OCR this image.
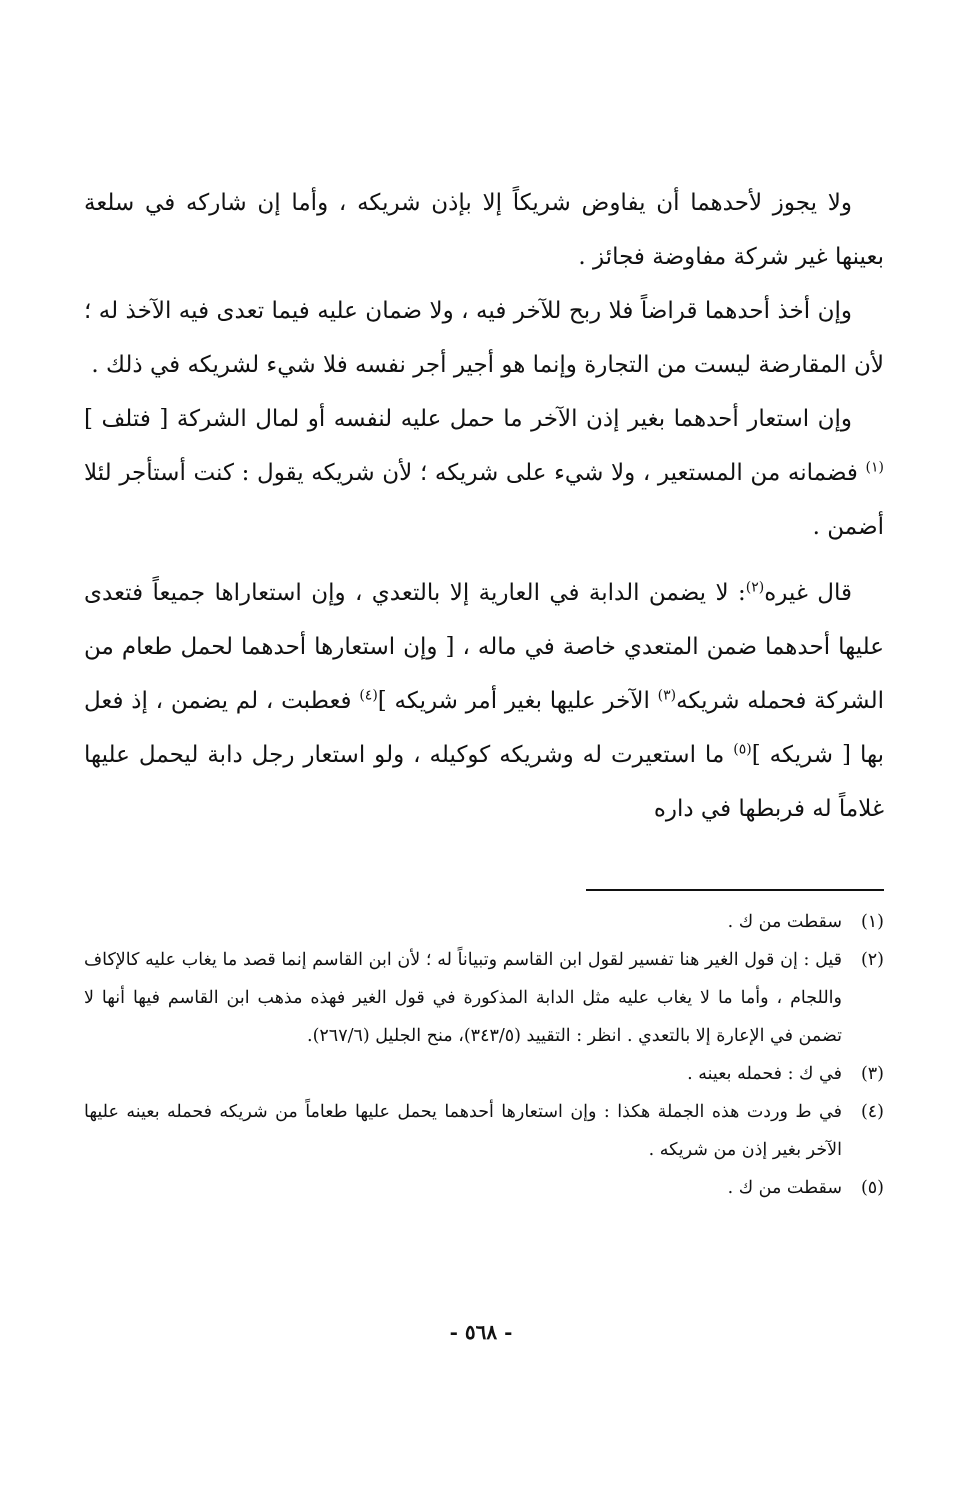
ولا يجوز لأحدهما أن يفاوض شريكاً إلا بإذن شريكه ، وأما إن شاركه في سلعة بعينها غير شركة مفاوضة فجائز .

وإن أخذ أحدهما قراضاً فلا ربح للآخر فيه ، ولا ضمان عليه فيما تعدى فيه الآخذ له ؛ لأن المقارضة ليست من التجارة وإنما هو أجير أجر نفسه فلا شيء لشريكه في ذلك .

وإن استعار أحدهما بغير إذن الآخر ما حمل عليه لنفسه أو لمال الشركة [ فتلف ]$^{(١)}$ فضمانه من المستعير ، ولا شيء على شريكه ؛ لأن شريكه يقول : كنت أستأجر لئلا أضمن .

قال غيره$^{(٢)}$: لا يضمن الدابة في العارية إلا بالتعدي ، وإن استعاراها جميعاً فتعدى عليها أحدهما ضمن المتعدي خاصة في ماله ، [ وإن استعارها أحدهما لحمل طعام من الشركة فحمله شريكه$^{(٣)}$ الآخر عليها بغير أمر شريكه ]$^{(٤)}$ فعطبت ، لم يضمن ، إذ فعل بها [ شريكه ]$^{(٥)}$ ما استعيرت له وشريكه كوكيله ، ولو استعار رجل دابة ليحمل عليها غلاماً له فربطها في داره

(١)
سقطت من ك .
(٢)
قيل : إن قول الغير هنا تفسير لقول ابن القاسم وتبياناً له ؛ لأن ابن القاسم إنما قصد ما يغاب عليه كالإكاف واللجام ، وأما ما لا يغاب عليه مثل الدابة المذكورة في قول الغير فهذه مذهب ابن القاسم فيها أنها لا تضمن في الإعارة إلا بالتعدي . انظر : التقييد (٣٤٣/٥)، منح الجليل (٢٦٧/٦).
(٣)
في ك : فحمله بعينه .
(٤)
في ط وردت هذه الجملة هكذا : وإن استعارها أحدهما يحمل عليها طعاماً من شريكه فحمله بعينه عليها الآخر بغير إذن من شريكه .
(٥)
سقطت من ك .
- ٥٦٨ -
